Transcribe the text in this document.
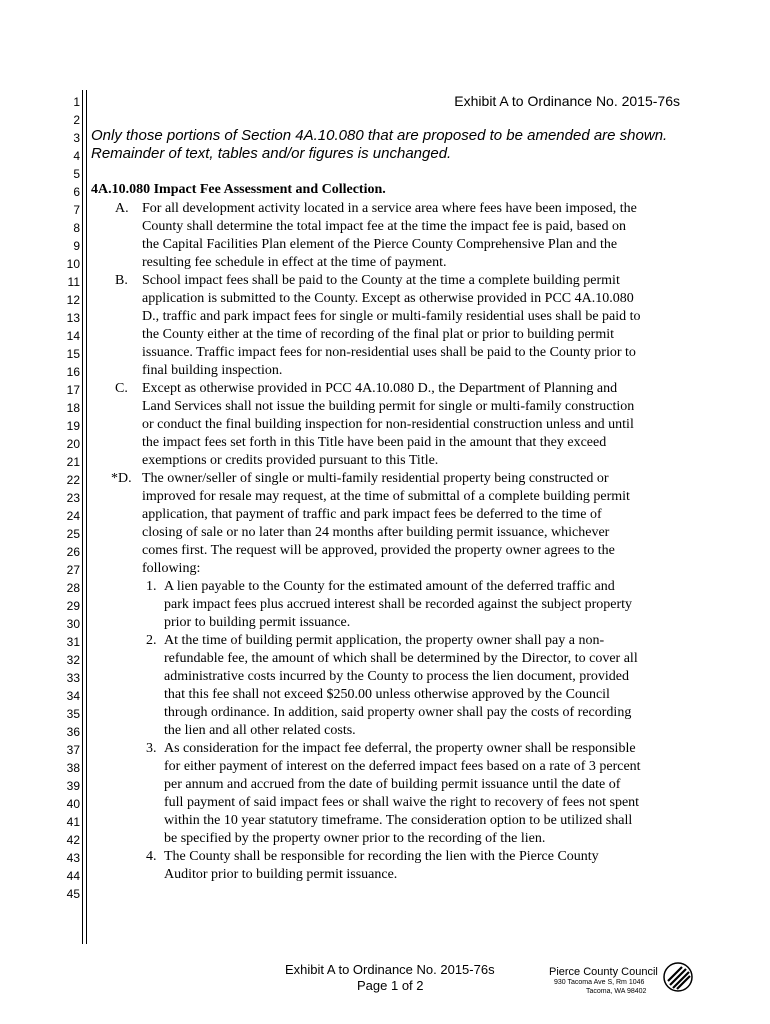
1
2
3
4
5
6
7
8
9
10
11
12
13
14
15
16
17
18
19
20
21
22
23
24
25
26
27
28
29
30
31
32
33
34
35
36
37
38
39
40
41
42
43
44
45
Exhibit A to Ordinance No. 2015-76s
Only those portions of Section 4A.10.080 that are proposed to be amended are shown.
Remainder of text, tables and/or figures is unchanged.
4A.10.080 Impact Fee Assessment and Collection.
A. For all development activity located in a service area where fees have been imposed, the
County shall determine the total impact fee at the time the impact fee is paid, based on
the Capital Facilities Plan element of the Pierce County Comprehensive Plan and the
resulting fee schedule in effect at the time of payment.
B. School impact fees shall be paid to the County at the time a complete building permit
application is submitted to the County. Except as otherwise provided in PCC 4A.10.080
D., traffic and park impact fees for single or multi-family residential uses shall be paid to
the County either at the time of recording of the final plat or prior to building permit
issuance. Traffic impact fees for non-residential uses shall be paid to the County prior to
final building inspection.
C. Except as otherwise provided in PCC 4A.10.080 D., the Department of Planning and
Land Services shall not issue the building permit for single or multi-family construction
or conduct the final building inspection for non-residential construction unless and until
the impact fees set forth in this Title have been paid in the amount that they exceed
exemptions or credits provided pursuant to this Title.
*D. The owner/seller of single or multi-family residential property being constructed or
improved for resale may request, at the time of submittal of a complete building permit
application, that payment of traffic and park impact fees be deferred to the time of
closing of sale or no later than 24 months after building permit issuance, whichever
comes first. The request will be approved, provided the property owner agrees to the
following:
1. A lien payable to the County for the estimated amount of the deferred traffic and
park impact fees plus accrued interest shall be recorded against the subject property
prior to building permit issuance.
2. At the time of building permit application, the property owner shall pay a non-
refundable fee, the amount of which shall be determined by the Director, to cover all
administrative costs incurred by the County to process the lien document, provided
that this fee shall not exceed $250.00 unless otherwise approved by the Council
through ordinance. In addition, said property owner shall pay the costs of recording
the lien and all other related costs.
3. As consideration for the impact fee deferral, the property owner shall be responsible
for either payment of interest on the deferred impact fees based on a rate of 3 percent
per annum and accrued from the date of building permit issuance until the date of
full payment of said impact fees or shall waive the right to recovery of fees not spent
within the 10 year statutory timeframe. The consideration option to be utilized shall
be specified by the property owner prior to the recording of the lien.
4. The County shall be responsible for recording the lien with the Pierce County
Auditor prior to building permit issuance.
Exhibit A to Ordinance No. 2015-76s
Page 1 of 2
Pierce County Council
930 Tacoma Ave S, Rm 1046
Tacoma, WA 98402
